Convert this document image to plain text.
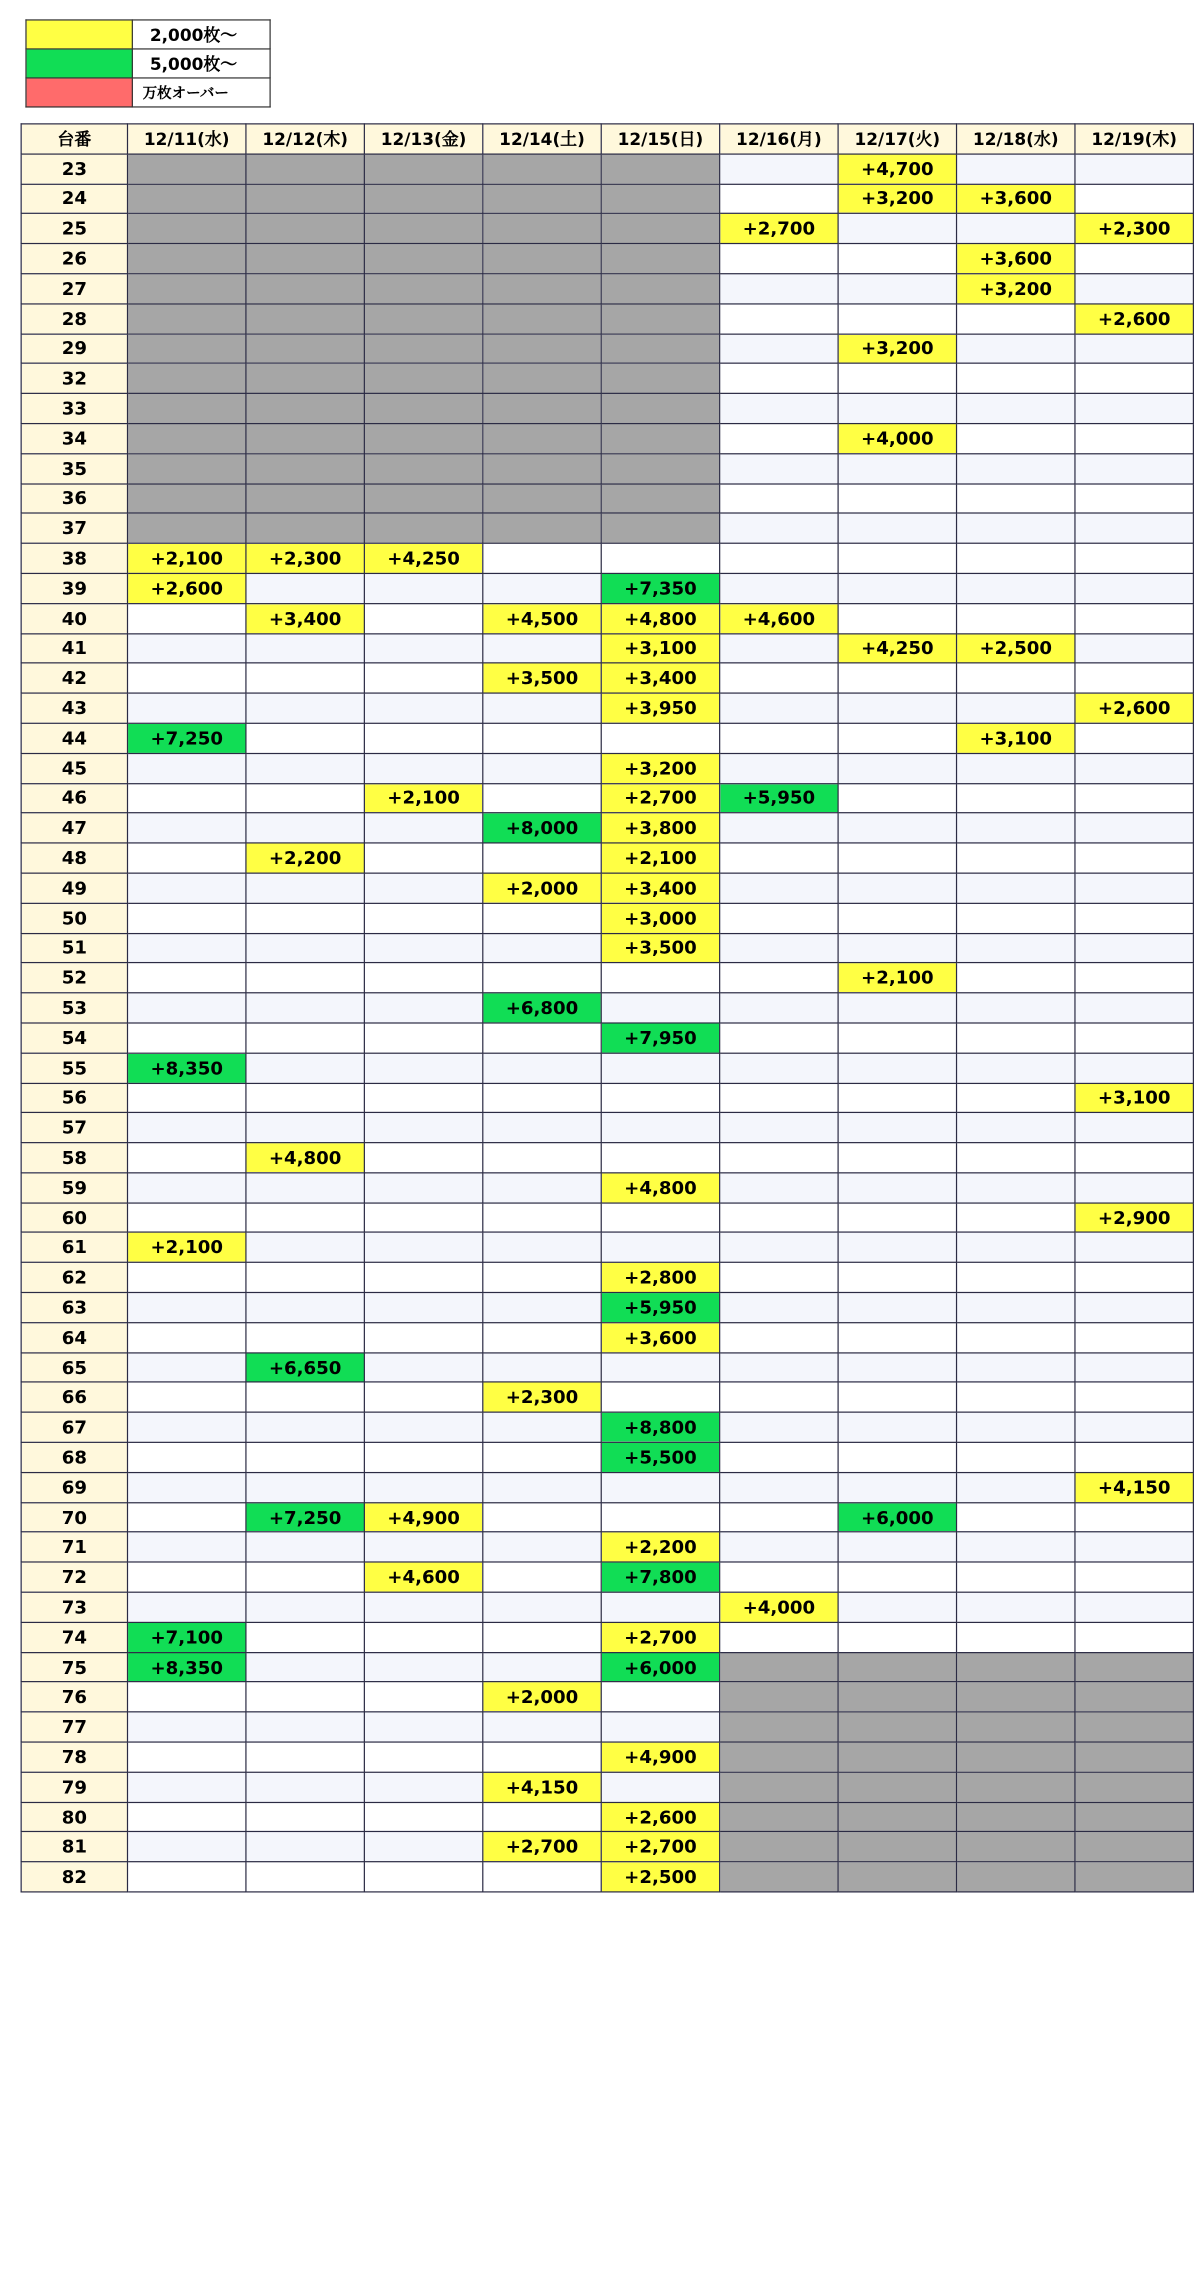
	2,000枚～
	5,000枚～
	万枚オーバー
台番	12/11(水)	12/12(木)	12/13(金)	12/14(土)	12/15(日)	12/16(月)	12/17(火)	12/18(水)	12/19(木)
23							+4,700		
24							+3,200	+3,600	
25						+2,700			+2,300
26								+3,600	
27								+3,200	
28									+2,600
29							+3,200		
32									
33									
34							+4,000		
35									
36									
37									
38	+2,100	+2,300	+4,250						
39	+2,600				+7,350				
40		+3,400		+4,500	+4,800	+4,600			
41					+3,100		+4,250	+2,500	
42				+3,500	+3,400				
43					+3,950				+2,600
44	+7,250							+3,100	
45					+3,200				
46			+2,100		+2,700	+5,950			
47				+8,000	+3,800				
48		+2,200			+2,100				
49				+2,000	+3,400				
50					+3,000				
51					+3,500				
52							+2,100		
53				+6,800					
54					+7,950				
55	+8,350								
56									+3,100
57									
58		+4,800							
59					+4,800				
60									+2,900
61	+2,100								
62					+2,800				
63					+5,950				
64					+3,600				
65		+6,650							
66				+2,300					
67					+8,800				
68					+5,500				
69									+4,150
70		+7,250	+4,900				+6,000		
71					+2,200				
72			+4,600		+7,800				
73						+4,000			
74	+7,100				+2,700				
75	+8,350				+6,000				
76				+2,000					
77									
78					+4,900				
79				+4,150					
80					+2,600				
81				+2,700	+2,700				
82					+2,500				
